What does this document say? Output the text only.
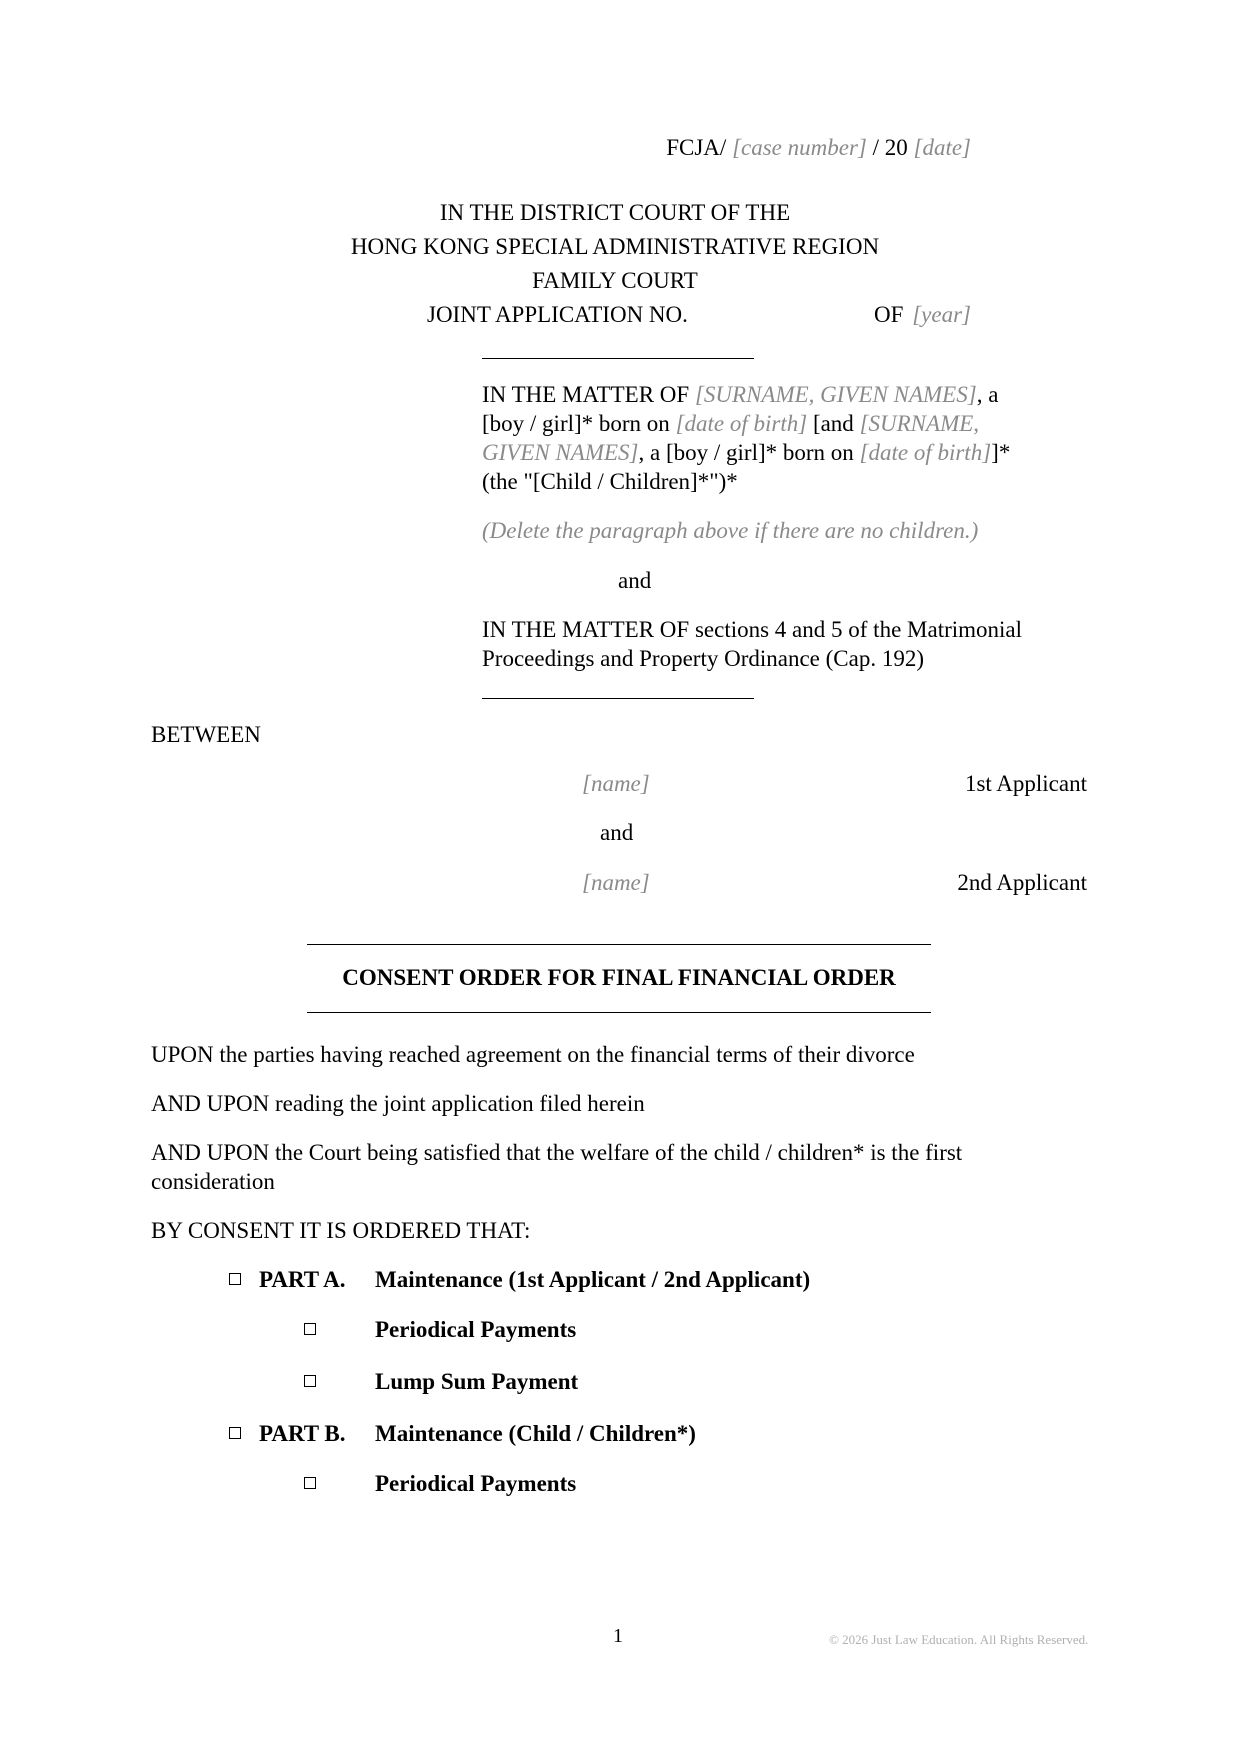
FCJA/ [case number] / 20 [date]
IN THE DISTRICT COURT OF THE
HONG KONG SPECIAL ADMINISTRATIVE REGION
FAMILY COURT
JOINT APPLICATION NO.	OF [year]
IN THE MATTER OF [SURNAME, GIVEN NAMES], a
[boy / girl]* born on [date of birth] [and [SURNAME,
GIVEN NAMES], a [boy / girl]* born on [date of birth]]*
(the "[Child / Children]*")*
(Delete the paragraph above if there are no children.)
and
IN THE MATTER OF sections 4 and 5 of the Matrimonial
Proceedings and Property Ordinance (Cap. 192)
BETWEEN
[name]	1st Applicant
and
[name]	2nd Applicant
CONSENT ORDER FOR FINAL FINANCIAL ORDER
UPON the parties having reached agreement on the financial terms of their divorce
AND UPON reading the joint application filed herein
AND UPON the Court being satisfied that the welfare of the child / children* is the first
consideration
BY CONSENT IT IS ORDERED THAT:
PART A. Maintenance (1st Applicant / 2nd Applicant)
Periodical Payments
Lump Sum Payment
PART B. Maintenance (Child / Children*)
Periodical Payments
1	© 2026 Just Law Education. All Rights Reserved.
